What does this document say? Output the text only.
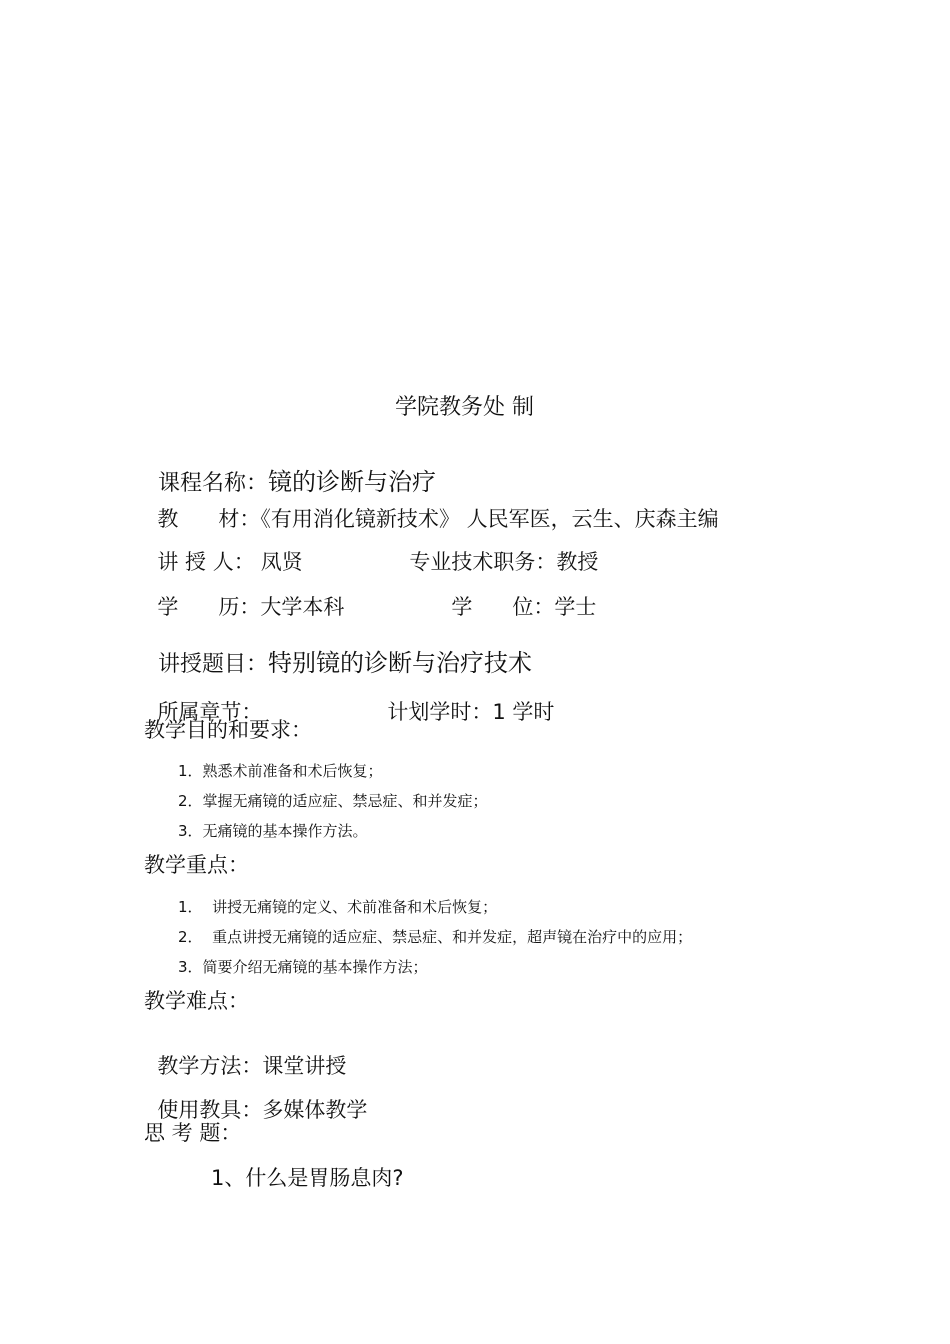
学院教务处 制

课程名称：镜的诊断与治疗

教      材：《有用消化镜新技术》 人民军医，云生、庆森主编

讲 授 人： 凤贤	专业技术职务：教授

学      历：大学本科	学      位：学士

讲授题目：特别镜的诊断与治疗技术

所属章节：	计划学时：1 学时

教学目的和要求：
1．熟悉术前准备和术后恢复；
2．掌握无痛镜的适应症、禁忌症、和并发症；
3．无痛镜的基本操作方法。
教学重点：
1．  讲授无痛镜的定义、术前准备和术后恢复；
2．  重点讲授无痛镜的适应症、禁忌症、和并发症，超声镜在治疗中的应用；
3．简要介绍无痛镜的基本操作方法；
教学难点：

教学方法：课堂讲授

使用教具：多媒体教学

思 考 题：
1、什么是胃肠息肉?
